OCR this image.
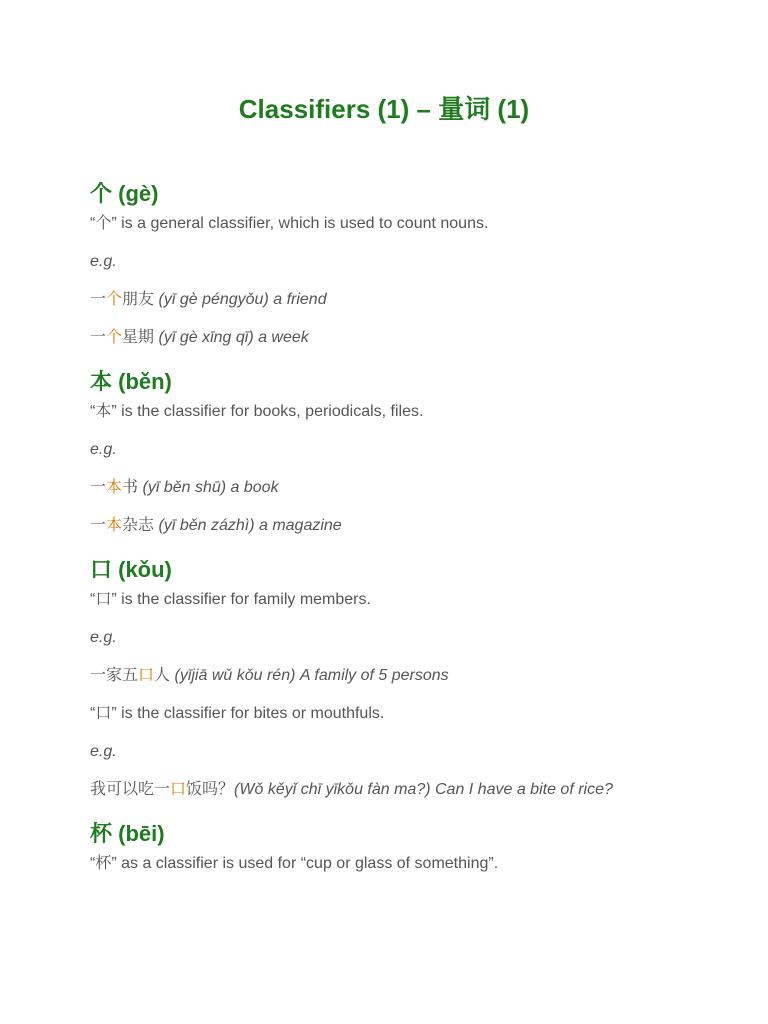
Classifiers (1) – 量词 (1)
个 (gè)

“个” is a general classifier, which is used to count nouns.

e.g.

一个朋友 (yī gè péngyǒu) a friend

一个星期 (yī gè xīng qī) a week

本 (běn)

“本” is the classifier for books, periodicals, files.

e.g.

一本书 (yī běn shū) a book

一本杂志 (yī běn zázhì) a magazine

口 (kǒu)

“口” is the classifier for family members.

e.g.

一家五口人 (yījiā wǔ kǒu rén) A family of 5 persons

“口” is the classifier for bites or mouthfuls.

e.g.

我可以吃一口饭吗？(Wǒ kěyǐ chī yīkǒu fàn ma?) Can I have a bite of rice?

杯 (bēi)

“杯” as a classifier is used for “cup or glass of something”.
